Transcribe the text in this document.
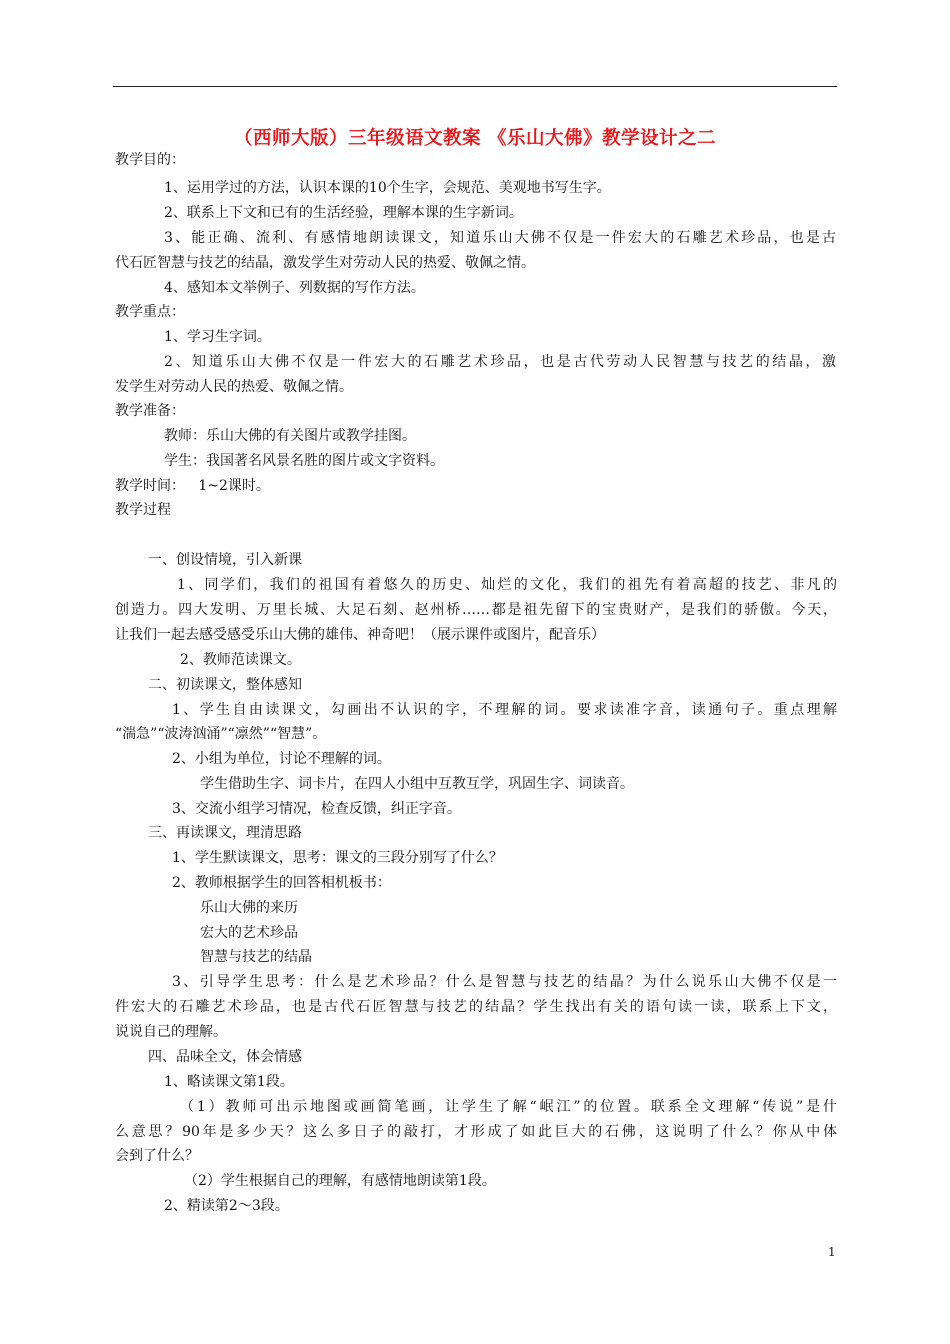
（西师大版）三年级语文教案 《乐山大佛》教学设计之二
教学目的：
1、运用学过的方法，认识本课的10个生字，会规范、美观地书写生字。
2、联系上下文和已有的生活经验，理解本课的生字新词。
3、能正确、流利、有感情地朗读课文，知道乐山大佛不仅是一件宏大的石雕艺术珍品，也是古
代石匠智慧与技艺的结晶，激发学生对劳动人民的热爱、敬佩之情。
4、感知本文举例子、列数据的写作方法。
教学重点：
1、学习生字词。
2、知道乐山大佛不仅是一件宏大的石雕艺术珍品，也是古代劳动人民智慧与技艺的结晶，激
发学生对劳动人民的热爱、敬佩之情。
教学准备：
教师：乐山大佛的有关图片或教学挂图。
学生：我国著名风景名胜的图片或文字资料。
教学时间：   1~2课时。
教学过程
一、创设情境，引入新课
1、同学们，我们的祖国有着悠久的历史、灿烂的文化，我们的祖先有着高超的技艺、非凡的
创造力。四大发明、万里长城、大足石刻、赵州桥……都是祖先留下的宝贵财产，是我们的骄傲。今天，
让我们一起去感受感受乐山大佛的雄伟、神奇吧！（展示课件或图片，配音乐）
2、教师范读课文。
二、初读课文，整体感知
1、学生自由读课文，勾画出不认识的字，不理解的词。要求读准字音，读通句子。重点理解
“湍急”“波涛汹涌”“凛然”“智慧”。
2、小组为单位，讨论不理解的词。
学生借助生字、词卡片，在四人小组中互教互学，巩固生字、词读音。
3、交流小组学习情况，检查反馈，纠正字音。
三、再读课文，理清思路
1、学生默读课文，思考：课文的三段分别写了什么？
2、教师根据学生的回答相机板书：
乐山大佛的来历
宏大的艺术珍品
智慧与技艺的结晶
3、引导学生思考：什么是艺术珍品？什么是智慧与技艺的结晶？为什么说乐山大佛不仅是一
件宏大的石雕艺术珍品，也是古代石匠智慧与技艺的结晶？学生找出有关的语句读一读，联系上下文，
说说自己的理解。
四、品味全文，体会情感
1、略读课文第1段。
（1）教师可出示地图或画简笔画，让学生了解“岷江”的位置。联系全文理解“传说”是什
么意思？90年是多少天？这么多日子的敲打，才形成了如此巨大的石佛，这说明了什么？你从中体
会到了什么？
（2）学生根据自己的理解，有感情地朗读第1段。
2、精读第2～3段。
1
